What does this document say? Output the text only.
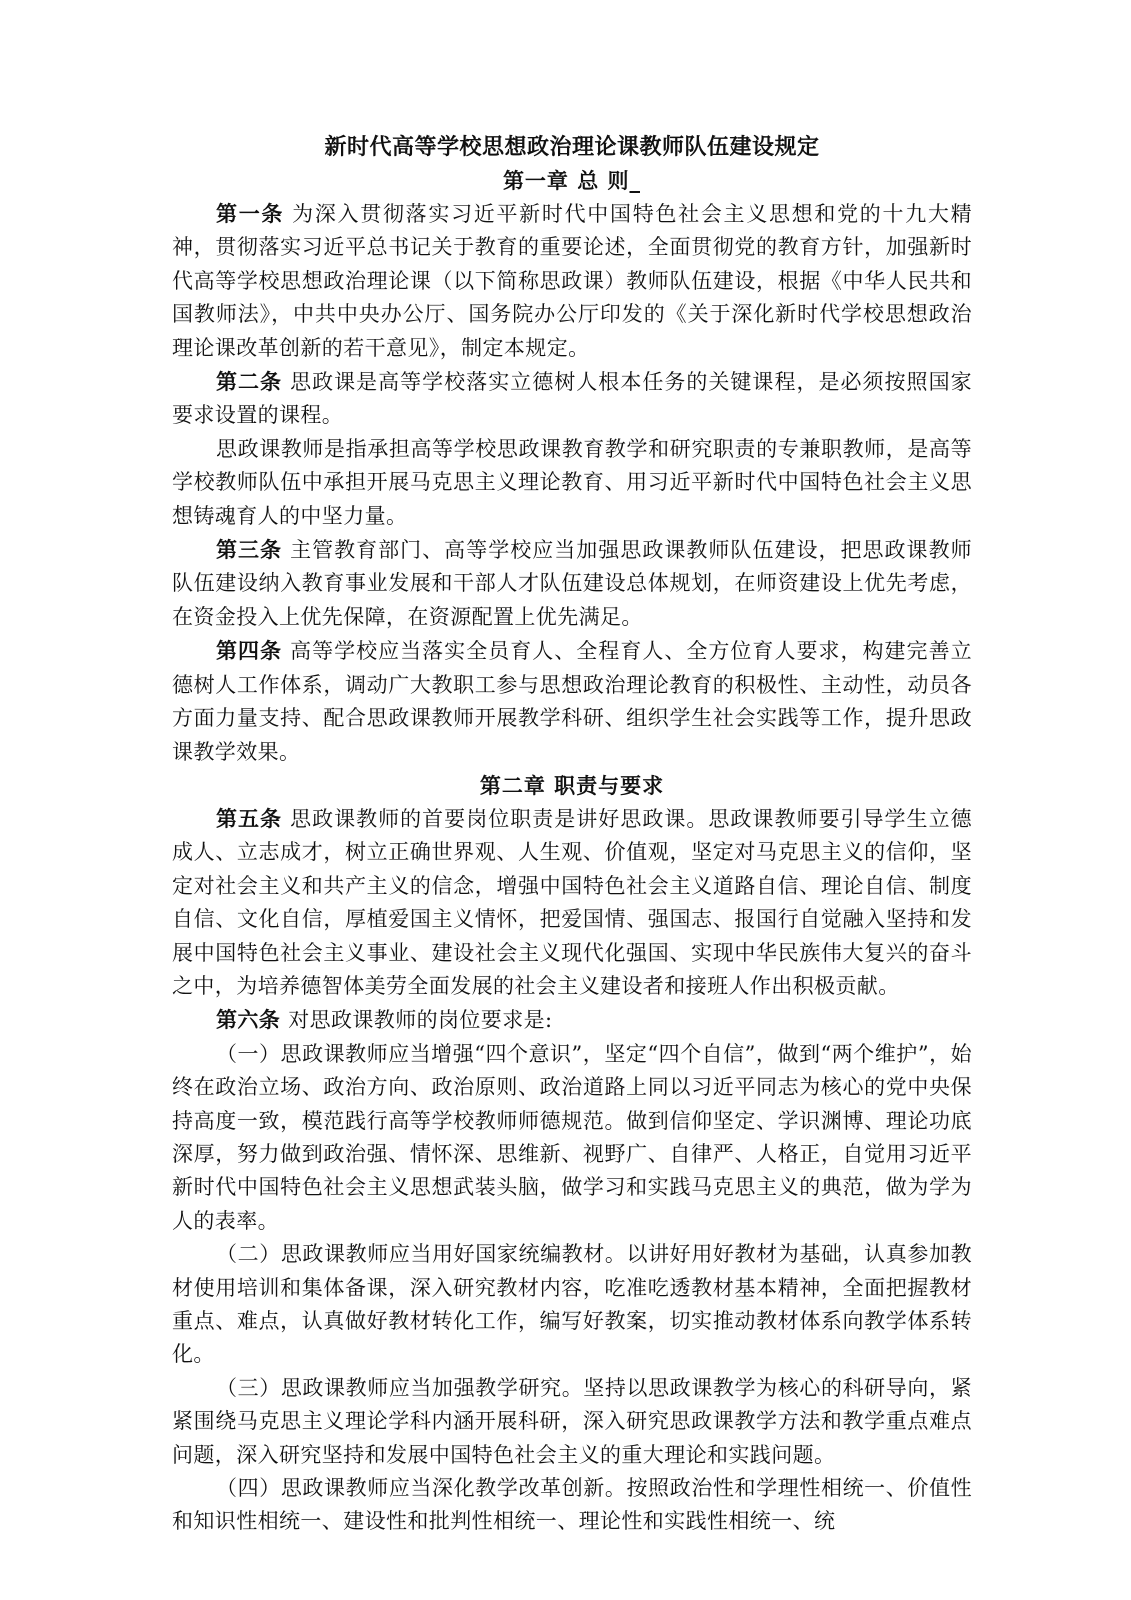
新时代高等学校思想政治理论课教师队伍建设规定
第一章 总 则_

第一条 为深入贯彻落实习近平新时代中国特色社会主义思想和党的十九大精神，贯彻落实习近平总书记关于教育的重要论述，全面贯彻党的教育方针，加强新时代高等学校思想政治理论课（以下简称思政课）教师队伍建设，根据《中华人民共和国教师法》，中共中央办公厅、国务院办公厅印发的《关于深化新时代学校思想政治理论课改革创新的若干意见》，制定本规定。

第二条 思政课是高等学校落实立德树人根本任务的关键课程，是必须按照国家要求设置的课程。

思政课教师是指承担高等学校思政课教育教学和研究职责的专兼职教师，是高等学校教师队伍中承担开展马克思主义理论教育、用习近平新时代中国特色社会主义思想铸魂育人的中坚力量。

第三条 主管教育部门、高等学校应当加强思政课教师队伍建设，把思政课教师队伍建设纳入教育事业发展和干部人才队伍建设总体规划，在师资建设上优先考虑，在资金投入上优先保障，在资源配置上优先满足。

第四条 高等学校应当落实全员育人、全程育人、全方位育人要求，构建完善立德树人工作体系，调动广大教职工参与思想政治理论教育的积极性、主动性，动员各方面力量支持、配合思政课教师开展教学科研、组织学生社会实践等工作，提升思政课教学效果。

第二章 职责与要求

第五条 思政课教师的首要岗位职责是讲好思政课。思政课教师要引导学生立德成人、立志成才，树立正确世界观、人生观、价值观，坚定对马克思主义的信仰，坚定对社会主义和共产主义的信念，增强中国特色社会主义道路自信、理论自信、制度自信、文化自信，厚植爱国主义情怀，把爱国情、强国志、报国行自觉融入坚持和发展中国特色社会主义事业、建设社会主义现代化强国、实现中华民族伟大复兴的奋斗之中，为培养德智体美劳全面发展的社会主义建设者和接班人作出积极贡献。

第六条 对思政课教师的岗位要求是:

（一）思政课教师应当增强“四个意识”，坚定“四个自信”，做到“两个维护”，始终在政治立场、政治方向、政治原则、政治道路上同以习近平同志为核心的党中央保持高度一致，模范践行高等学校教师师德规范。做到信仰坚定、学识渊博、理论功底深厚，努力做到政治强、情怀深、思维新、视野广、自律严、人格正，自觉用习近平新时代中国特色社会主义思想武装头脑，做学习和实践马克思主义的典范，做为学为人的表率。

（二）思政课教师应当用好国家统编教材。以讲好用好教材为基础，认真参加教材使用培训和集体备课，深入研究教材内容，吃准吃透教材基本精神，全面把握教材重点、难点，认真做好教材转化工作，编写好教案，切实推动教材体系向教学体系转化。

（三）思政课教师应当加强教学研究。坚持以思政课教学为核心的科研导向，紧紧围绕马克思主义理论学科内涵开展科研，深入研究思政课教学方法和教学重点难点问题，深入研究坚持和发展中国特色社会主义的重大理论和实践问题。

（四）思政课教师应当深化教学改革创新。按照政治性和学理性相统一、价值性和知识性相统一、建设性和批判性相统一、理论性和实践性相统一、统
